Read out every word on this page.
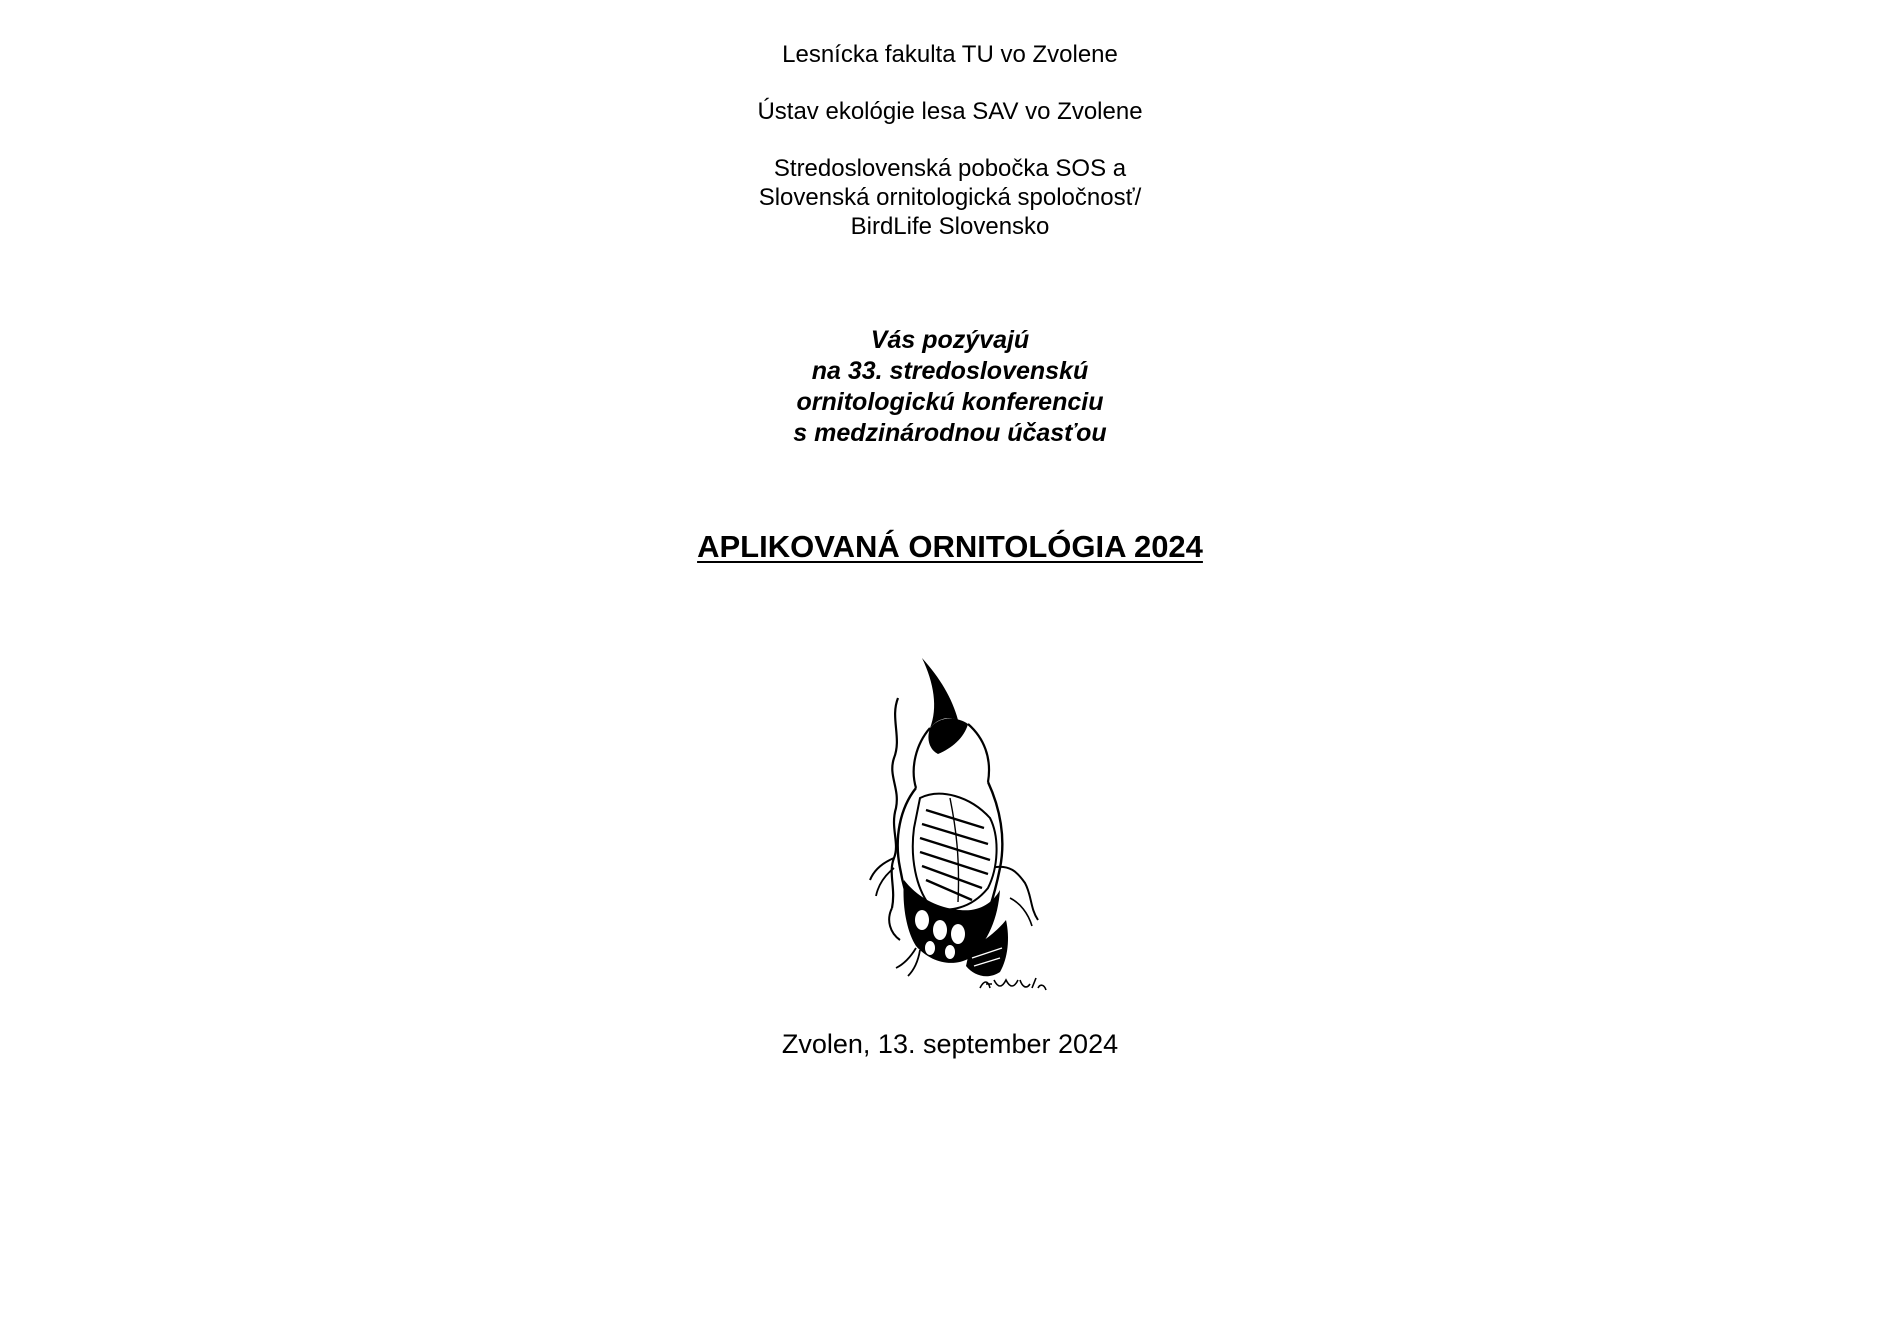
Lesnícka fakulta TU vo Zvolene

Ústav ekológie lesa SAV vo Zvolene

Stredoslovenská pobočka SOS a

Slovenská ornitologická spoločnosť/

BirdLife Slovensko

Vás pozývajú

na 33. stredoslovenskú

ornitologickú konferenciu

s medzinárodnou účasťou

APLIKOVANÁ ORNITOLÓGIA 2024
Zvolen, 13. september 2024
